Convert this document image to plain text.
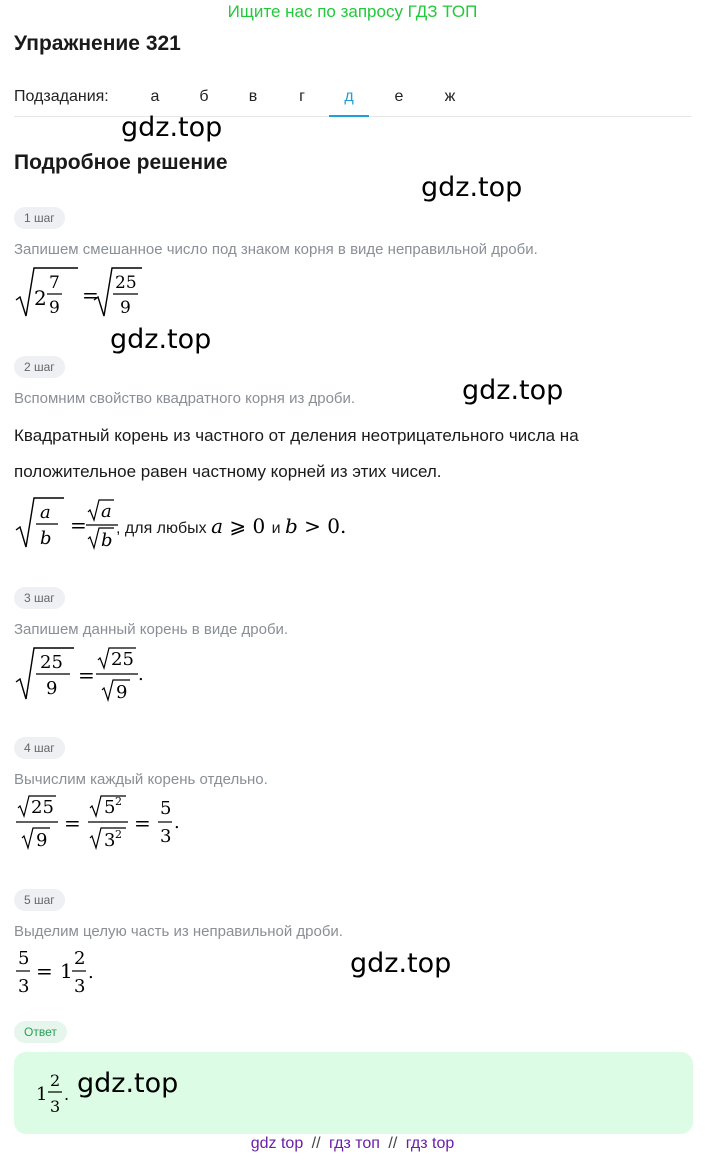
Ищите нас по запросу ГДЗ ТОП
Упражнение 321
Подзадания:	а	б	в	г	д	е	ж
gdz.top
Подробное решение
gdz.top
1 шаг
Запишем смешанное число под знаком корня в виде неправильной дроби.
2
7
9
= 25
9
gdz.top
2 шаг
gdz.top
Вспомним свойство квадратного корня из дроби.
Квадратный корень из частного от деления неотрицательного числа на
положительное равен частному корней из этих чисел.
a
b
=
a
b
, для любых a ⩾ 0 и b > 0.
3 шаг
Запишем данный корень в виде дроби.
25
9
=
25
9
.
4 шаг
Вычислим каждый корень отдельно.
25
9
=
5 2
3 2 =
5
3
.
5 шаг
Выделим целую часть из неправильной дроби.
5
3
= 1
2
3
.	gdz.top
Ответ
1
2
3
. gdz.top
gdz top // гдз топ // гдз top
